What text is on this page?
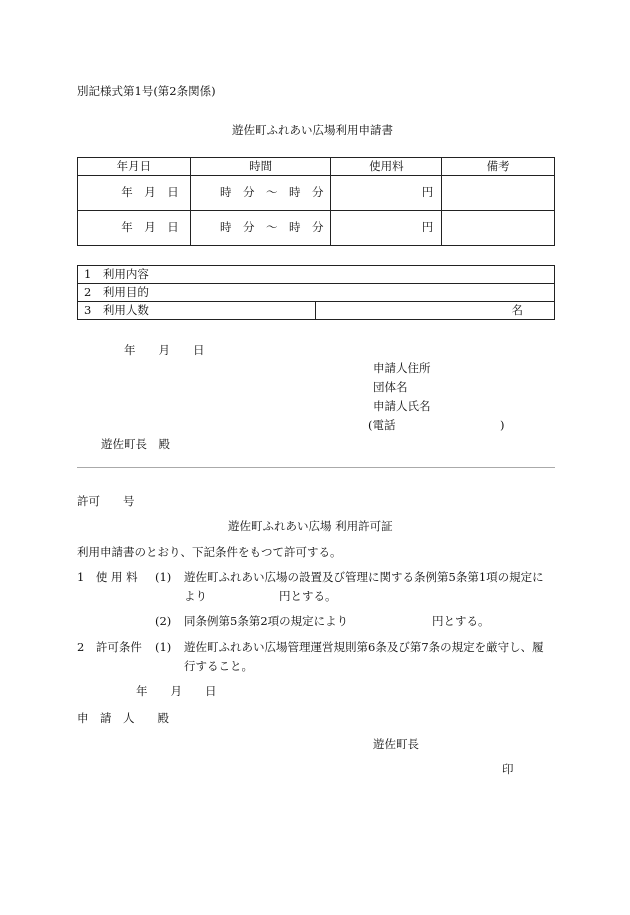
別記様式第1号(第2条関係)
遊佐町ふれあい広場利用申請書
年月日	時間	使用料	備考
年　月　日	時　分　～　時　分	円	
年　月　日	時　分　～　時　分	円	
1　利用内容
2　利用目的
3　利用人数	名
年　　月　　日
申請人住所
団体名
申請人氏名
(電話	)
遊佐町長　殿
許可　　号
遊佐町ふれあい広場 利用許可証
利用申請書のとおり、下記条件をもつて許可する。
1　使 用 料 (1) 遊佐町ふれあい広場の設置及び管理に関する条例第5条第1項の規定に
より	円とする。
(2) 同条例第5条第2項の規定により	円とする。
2　許可条件 (1) 遊佐町ふれあい広場管理運営規則第6条及び第7条の規定を厳守し、履
行すること。
年　　月　　日
申　請　人　　殿
遊佐町長
印
